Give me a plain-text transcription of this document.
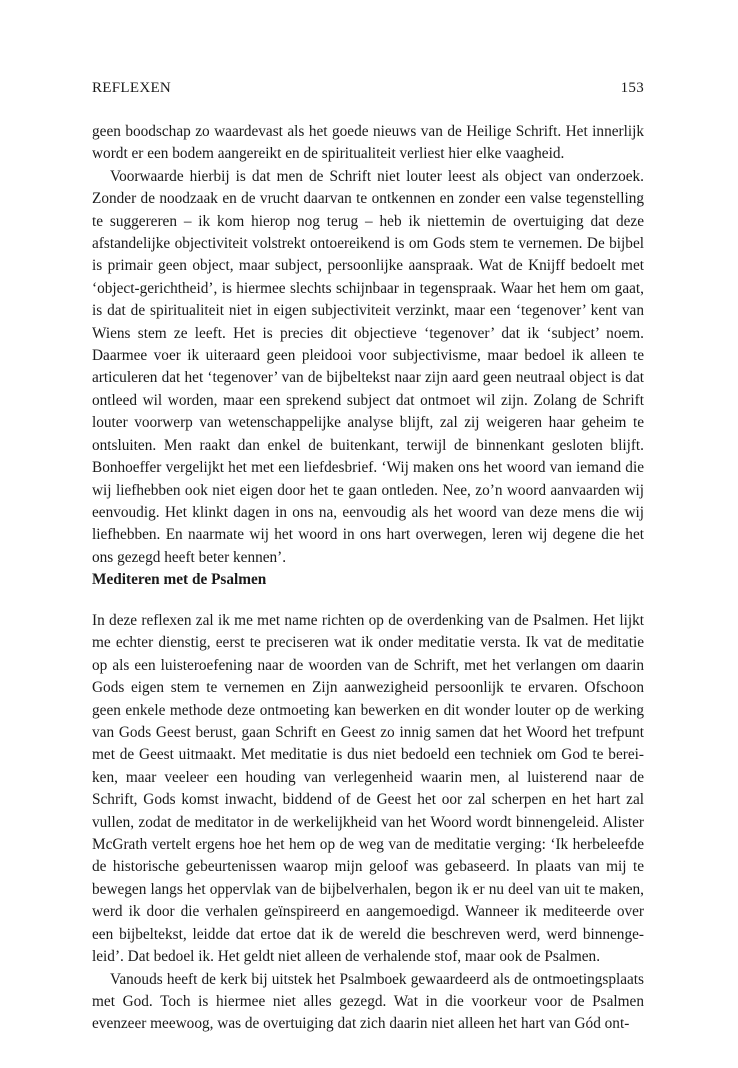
REFLEXEN	153

geen boodschap zo waardevast als het goede nieuws van de Heilige Schrift. Het innerlijk wordt er een bodem aangereikt en de spiritualiteit verliest hier elke vaagheid.

Voorwaarde hierbij is dat men de Schrift niet louter leest als object van onderzoek. Zonder de noodzaak en de vrucht daarvan te ontkennen en zonder een valse tegenstelling te suggereren – ik kom hierop nog terug – heb ik niettemin de overtuiging dat deze afstandelijke objectiviteit volstrekt ontoereikend is om Gods stem te vernemen. De bijbel is primair geen object, maar subject, persoonlijke aanspraak. Wat de Knijff bedoelt met ‘object-gerichtheid’, is hiermee slechts schijnbaar in tegenspraak. Waar het hem om gaat, is dat de spiritualiteit niet in eigen subjectiviteit verzinkt, maar een ‘tegenover’ kent van Wiens stem ze leeft. Het is precies dit objectieve ‘tegenover’ dat ik ‘subject’ noem. Daarmee voer ik uiteraard geen pleidooi voor subjectivisme, maar bedoel ik alleen te articuleren dat het ‘tegenover’ van de bijbeltekst naar zijn aard geen neutraal object is dat ontleed wil worden, maar een sprekend subject dat ontmoet wil zijn. Zolang de Schrift louter voorwerp van wetenschappelijke analyse blijft, zal zij weigeren haar geheim te ontsluiten. Men raakt dan enkel de buitenkant, terwijl de binnenkant gesloten blijft. Bonhoeffer vergelijkt het met een liefdesbrief. ‘Wij maken ons het woord van iemand die wij liefhebben ook niet eigen door het te gaan ontleden. Nee, zo’n woord aanvaarden wij eenvoudig. Het klinkt dagen in ons na, eenvoudig als het woord van deze mens die wij liefhebben. En naarmate wij het woord in ons hart overwegen, leren wij degene die het ons gezegd heeft beter kennen’.

Mediteren met de Psalmen

In deze reflexen zal ik me met name richten op de overdenking van de Psalmen. Het lijkt me echter dienstig, eerst te preciseren wat ik onder meditatie versta. Ik vat de meditatie op als een luisteroefening naar de woorden van de Schrift, met het verlangen om daarin Gods eigen stem te vernemen en Zijn aanwezigheid persoonlijk te ervaren. Ofschoon geen enkele methode deze ontmoeting kan bewerken en dit wonder louter op de werking van Gods Geest berust, gaan Schrift en Geest zo innig samen dat het Woord het trefpunt met de Geest uitmaakt. Met meditatie is dus niet bedoeld een techniek om God te bereiken, maar veeleer een houding van verlegenheid waarin men, al luisterend naar de Schrift, Gods komst inwacht, biddend of de Geest het oor zal scherpen en het hart zal vullen, zodat de meditator in de werkelijkheid van het Woord wordt binnengeleid. Alister McGrath vertelt ergens hoe het hem op de weg van de meditatie verging: ‘Ik herbeleefde de historische gebeurtenissen waarop mijn geloof was gebaseerd. In plaats van mij te bewegen langs het oppervlak van de bijbelverhalen, begon ik er nu deel van uit te maken, werd ik door die verhalen geïnspireerd en aangemoedigd. Wanneer ik mediteerde over een bijbeltekst, leidde dat ertoe dat ik de wereld die beschreven werd, werd binnengeleid’. Dat bedoel ik. Het geldt niet alleen de verhalende stof, maar ook de Psalmen.

Vanouds heeft de kerk bij uitstek het Psalmboek gewaardeerd als de ontmoetingsplaats met God. Toch is hiermee niet alles gezegd. Wat in die voorkeur voor de Psalmen evenzeer meewoog, was de overtuiging dat zich daarin niet alleen het hart van Gód ont-
